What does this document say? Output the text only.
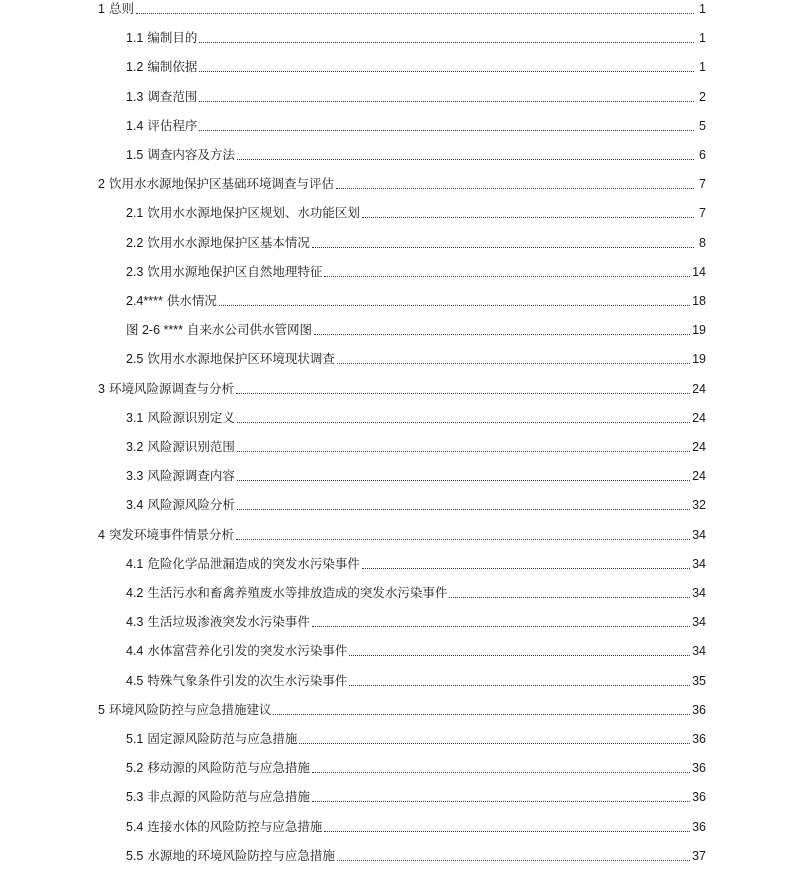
1 总则	1
1.1 编制目的	1
1.2 编制依据	1
1.3 调查范围	2
1.4 评估程序	5
1.5 调查内容及方法	6
2 饮用水水源地保护区基础环境调查与评估	7
2.1 饮用水水源地保护区规划、水功能区划	7
2.2 饮用水水源地保护区基本情况	8
2.3 饮用水源地保护区自然地理特征	14
2.4**** 供水情况	18
图 2-6 **** 自来水公司供水管网图	19
2.5 饮用水水源地保护区环境现状调查	19
3 环境风险源调查与分析	24
3.1 风险源识别定义	24
3.2 风险源识别范围	24
3.3 风险源调查内容	24
3.4 风险源风险分析	32
4 突发环境事件情景分析	34
4.1 危险化学品泄漏造成的突发水污染事件	34
4.2 生活污水和畜禽养殖废水等排放造成的突发水污染事件	34
4.3 生活垃圾渗液突发水污染事件	34
4.4 水体富营养化引发的突发水污染事件	34
4.5 特殊气象条件引发的次生水污染事件	35
5 环境风险防控与应急措施建议	36
5.1 固定源风险防范与应急措施	36
5.2 移动源的风险防范与应急措施	36
5.3 非点源的风险防范与应急措施	36
5.4 连接水体的风险防控与应急措施	36
5.5 水源地的环境风险防控与应急措施	37
